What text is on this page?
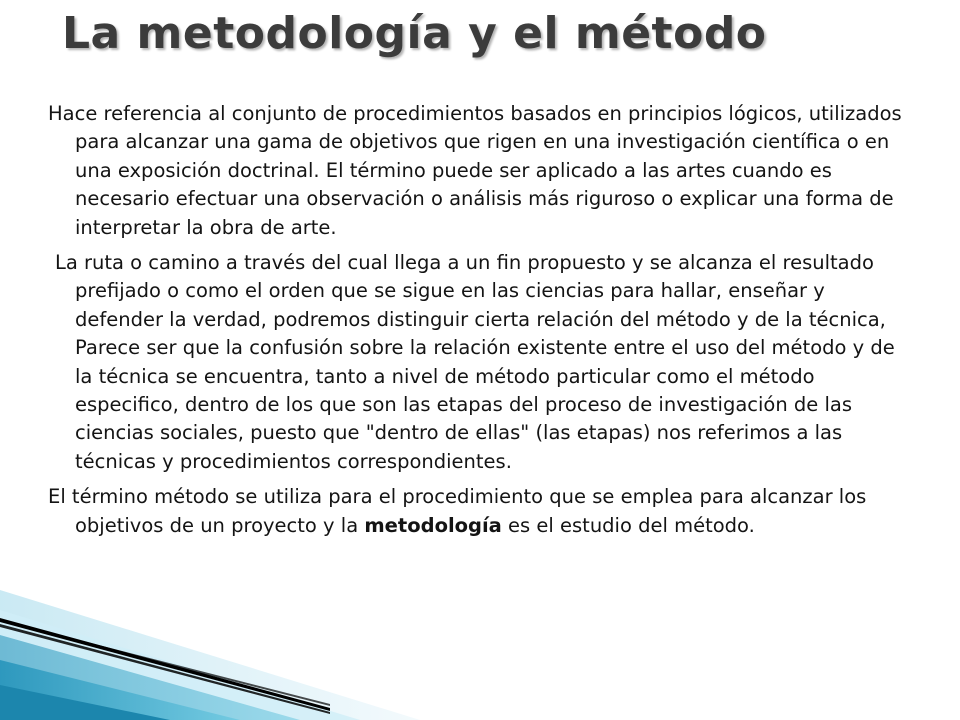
La metodología y el método

Hace referencia al conjunto de procedimientos basados en principios lógicos, utilizados para alcanzar una gama de objetivos que rigen en una investigación científica o en una exposición doctrinal. El término puede ser aplicado a las artes cuando es necesario efectuar una observación o análisis más riguroso o explicar una forma de interpretar la obra de arte.

La ruta o camino a través del cual llega a un fin propuesto y se alcanza el resultado prefijado o como el orden que se sigue en las ciencias para hallar, enseñar y defender la verdad, podremos distinguir cierta relación del método y de la técnica, Parece ser que la confusión sobre la relación existente entre el uso del método y de la técnica se encuentra, tanto a nivel de método particular como el método especifico, dentro de los que son las etapas del proceso de investigación de las ciencias sociales, puesto que "dentro de ellas" (las etapas) nos referimos a las técnicas y procedimientos correspondientes.

El término método se utiliza para el procedimiento que se emplea para alcanzar los objetivos de un proyecto y la metodología es el estudio del método.
